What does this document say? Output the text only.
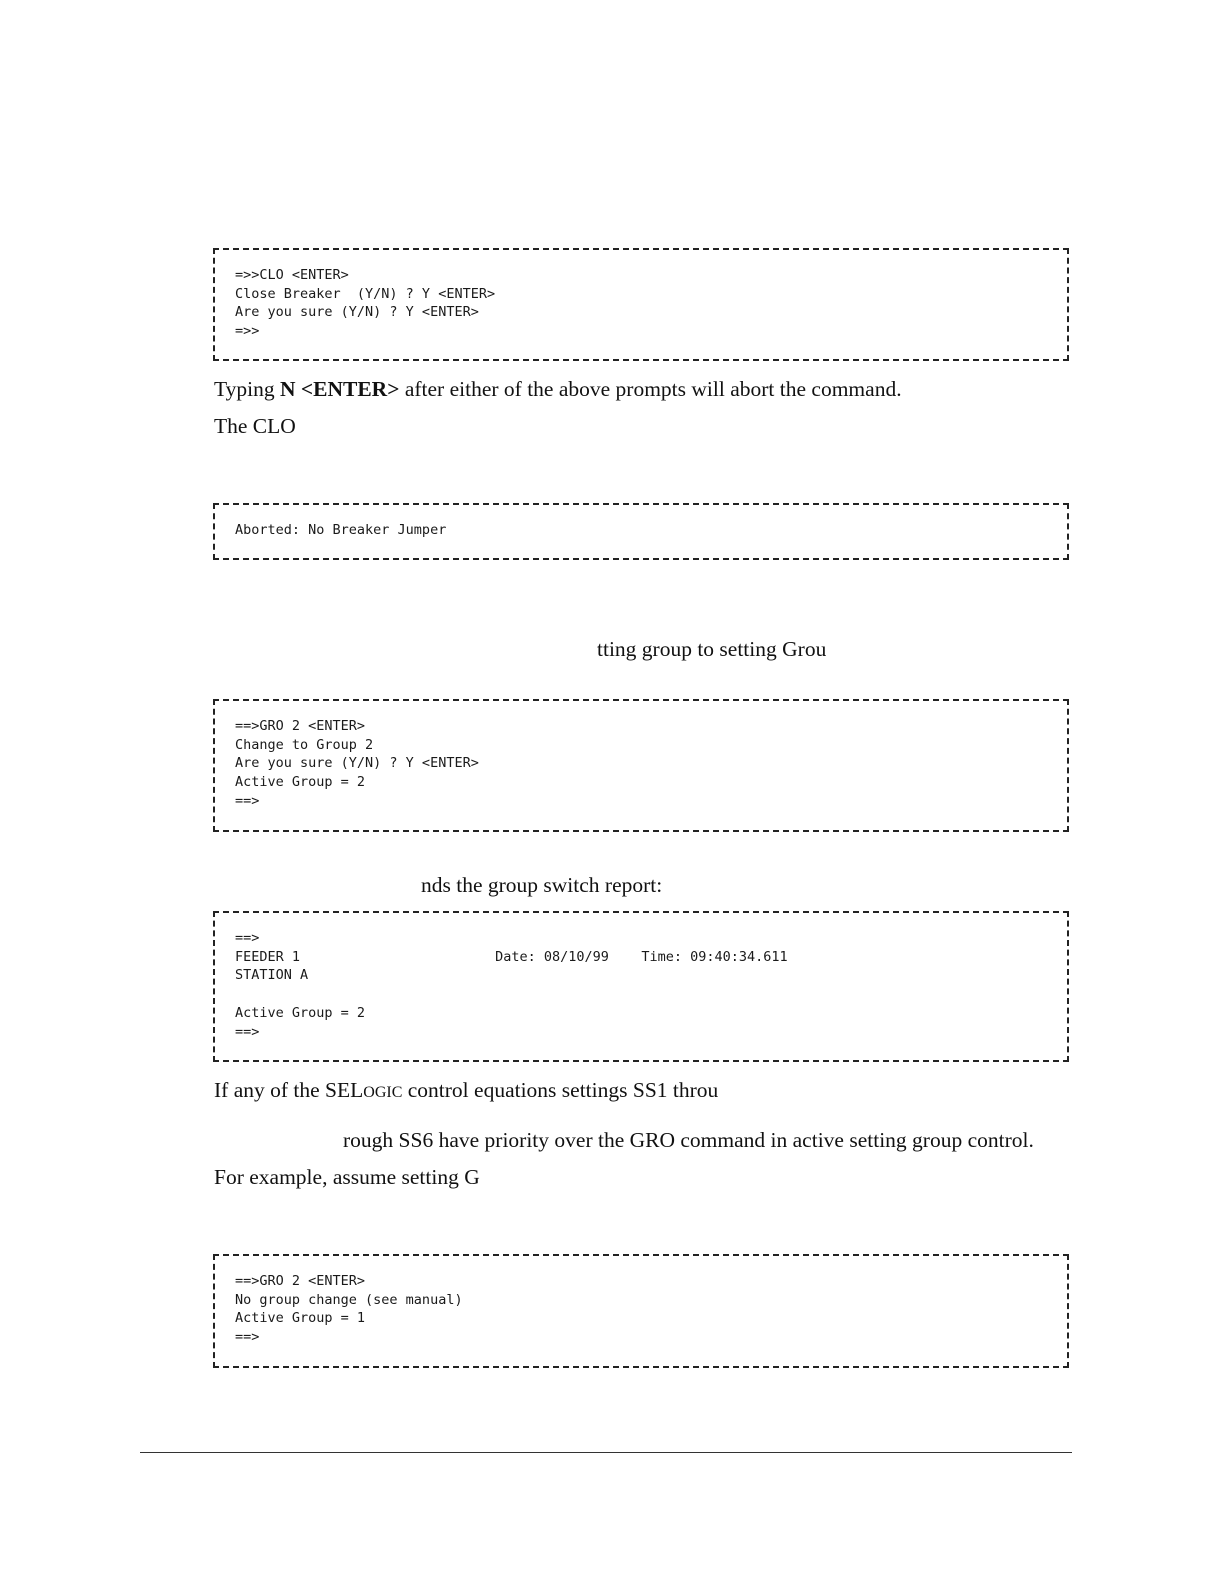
=>>CLO <ENTER>
Close Breaker  (Y/N) ? Y <ENTER>
Are you sure (Y/N) ? Y <ENTER>
=>>

Typing N <ENTER> after either of the above prompts will abort the command.

The CLO

Aborted: No Breaker Jumper

tting group to setting Grou

==>GRO 2 <ENTER>
Change to Group 2
Are you sure (Y/N) ? Y <ENTER>
Active Group = 2
==>

nds the group switch report:

==>
FEEDER 1                        Date: 08/10/99    Time: 09:40:34.611
STATION A

Active Group = 2
==>

If any of the SELOGIC control equations settings SS1 throu

rough SS6 have priority over the GRO command in active setting group control.

For example, assume setting G

==>GRO 2 <ENTER>
No group change (see manual)
Active Group = 1
==>
